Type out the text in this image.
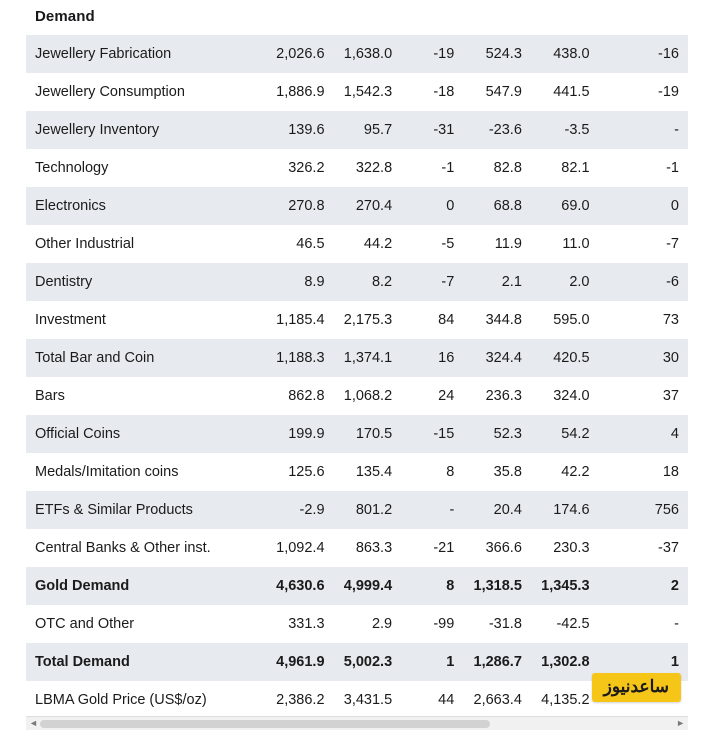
Demand
Jewellery Fabrication	2,026.6	1,638.0	-19	524.3	438.0	-16
Jewellery Consumption	1,886.9	1,542.3	-18	547.9	441.5	-19
Jewellery Inventory	139.6	95.7	-31	-23.6	-3.5	-
Technology	326.2	322.8	-1	82.8	82.1	-1
Electronics	270.8	270.4	0	68.8	69.0	0
Other Industrial	46.5	44.2	-5	11.9	11.0	-7
Dentistry	8.9	8.2	-7	2.1	2.0	-6
Investment	1,185.4	2,175.3	84	344.8	595.0	73
Total Bar and Coin	1,188.3	1,374.1	16	324.4	420.5	30
Bars	862.8	1,068.2	24	236.3	324.0	37
Official Coins	199.9	170.5	-15	52.3	54.2	4
Medals/Imitation coins	125.6	135.4	8	35.8	42.2	18
ETFs & Similar Products	-2.9	801.2	-	20.4	174.6	756
Central Banks & Other inst.	1,092.4	863.3	-21	366.6	230.3	-37
Gold Demand	4,630.6	4,999.4	8	1,318.5	1,345.3	2
OTC and Other	331.3	2.9	-99	-31.8	-42.5	-
Total Demand	4,961.9	5,002.3	1	1,286.7	1,302.8	1
LBMA Gold Price (US$/oz)	2,386.2	3,431.5	44	2,663.4	4,135.2	
ساعدنیوز
◄	►
